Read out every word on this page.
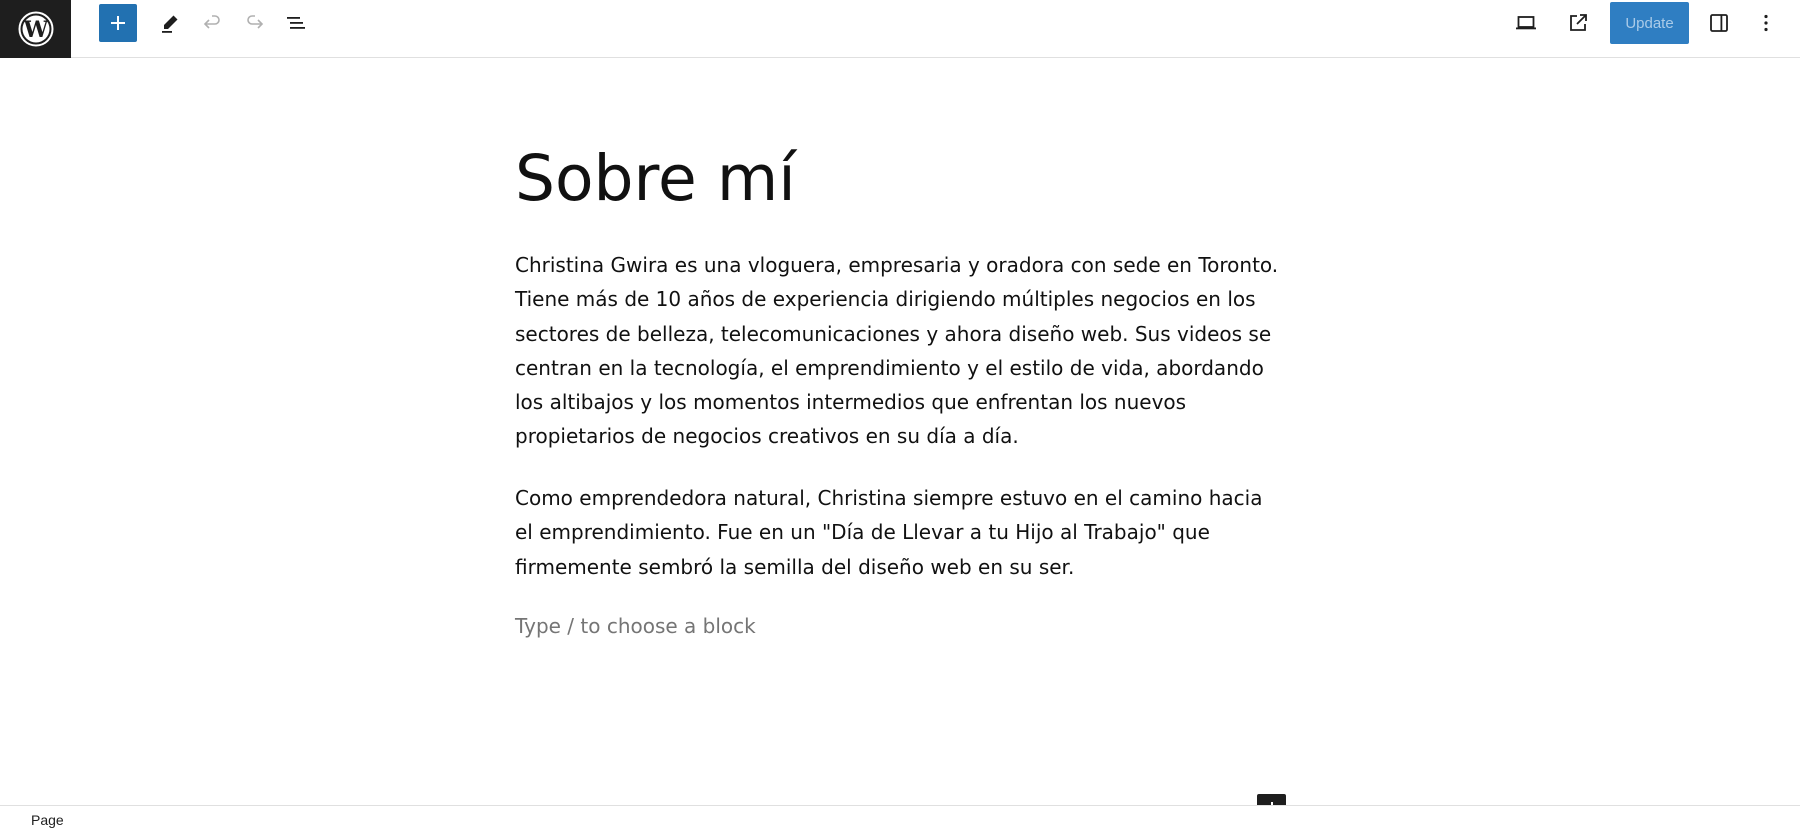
W	Update
Sobre mí

Christina Gwira es una vloguera, empresaria y oradora con sede en Toronto. Tiene más de 10 años de experiencia dirigiendo múltiples negocios en los sectores de belleza, telecomunicaciones y ahora diseño web. Sus videos se centran en la tecnología, el emprendimiento y el estilo de vida, abordando los altibajos y los momentos intermedios que enfrentan los nuevos propietarios de negocios creativos en su día a día.

Como emprendedora natural, Christina siempre estuvo en el camino hacia el emprendimiento. Fue en un "Día de Llevar a tu Hijo al Trabajo" que firmemente sembró la semilla del diseño web en su ser.

Type / to choose a block

Page
